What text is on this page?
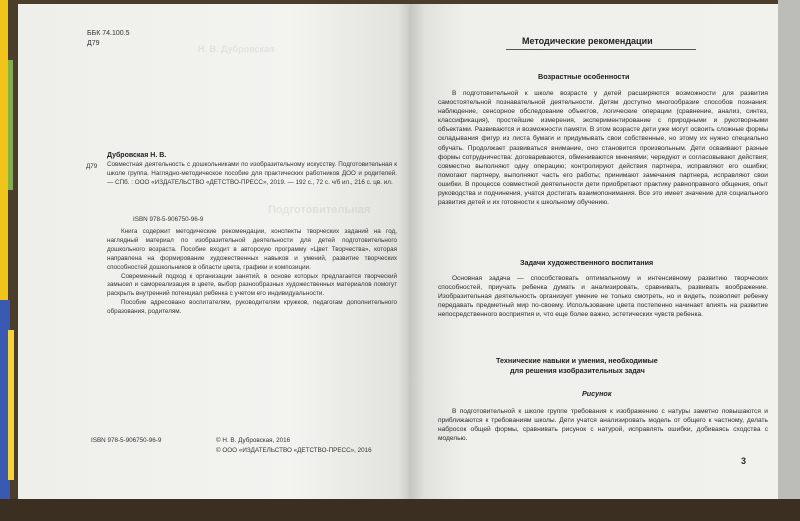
Н. В. Дубровская
Подготовительная
ББК 74.100.5
Д79
Дубровская Н. В.
Д79 Совместная деятельность с дошкольниками по изобразительному искусству. Подготовительная к школе группа. Наглядно-методическое пособие для практических работников ДОО и родителей. — СПб. : ООО «ИЗДАТЕЛЬСТВО «ДЕТСТВО-ПРЕСС», 2019. — 192 с., 72 с. ч/б ил., 216 с. цв. ил.
ISBN 978-5-906750-96-9

Книга содержит методические рекомендации, конспекты творческих заданий на год, наглядный материал по изобразительной деятельности для детей подготовительного дошкольного возраста. Пособие входит в авторскую программу «Цвет Творчества», которая направлена на формирование художественных навыков и умений, развитие творческих способностей дошкольников в области цвета, графики и композиции.

Современный подход к организации занятий, в основе которых предлагается творческий замысел и самореализация в цвете, выбор разнообразных художественных материалов помогут раскрыть внутренний потенциал ребенка с учетом его индивидуальности.

Пособие адресовано воспитателям, руководителям кружков, педагогам дополнительного образования, родителям.

ISBN 978-5-906750-96-9	© Н. В. Дубровская, 2016
© ООО «ИЗДАТЕЛЬСТВО «ДЕТСТВО-ПРЕСС», 2016
Методические рекомендации
Возрастные особенности

В подготовительной к школе возрасте у детей расширяются возможности для развития самостоятельной познавательной деятельности. Детям доступно многообразие способов познания: наблюдение, сенсорное обследование объектов, логические операции (сравнение, анализ, синтез, классификация), простейшие измерения, экспериментирование с природными и рукотворными объектами. Развиваются и возможности памяти. В этом возрасте дети уже могут освоить сложные формы складывания фигур из листа бумаги и придумывать свои собственные, но этому их нужно специально обучать. Продолжает развиваться внимание, оно становится произвольным. Дети осваивают разные формы сотрудничества: договариваются, обмениваются мнениями; чередуют и согласовывают действия; совместно выполняют одну операцию; контролируют действия партнера, исправляют его ошибки; помогают партнеру, выполняют часть его работы; принимают замечания партнера, исправляют свои ошибки. В процессе совместной деятельности дети приобретают практику равноправного общения, опыт руководства и подчинения, учатся достигать взаимопонимания. Все это имеет значение для социального развития детей и их готовности к школьному обучению.

Задачи художественного воспитания

Основная задача — способствовать оптимальному и интенсивному развитию творческих способностей, приучать ребенка думать и анализировать, сравнивать, развивать воображение. Изобразительная деятельность организует умение не только смотреть, но и видеть, позволяет ребенку передавать предметный мир по-своему. Использование цвета постепенно начинает влиять на развитие непосредственного восприятия и, что еще более важно, эстетических чувств ребенка.

Технические навыки и умения, необходимые
для решения изобразительных задач
Рисунок

В подготовительной к школе группе требования к изображению с натуры заметно повышаются и приближаются к требованиям школы. Дети учатся анализировать модель от общего к частному, делать набросок общей формы, сравнивать рисунок с натурой, исправлять ошибки, добиваясь сходства с моделью.

3
